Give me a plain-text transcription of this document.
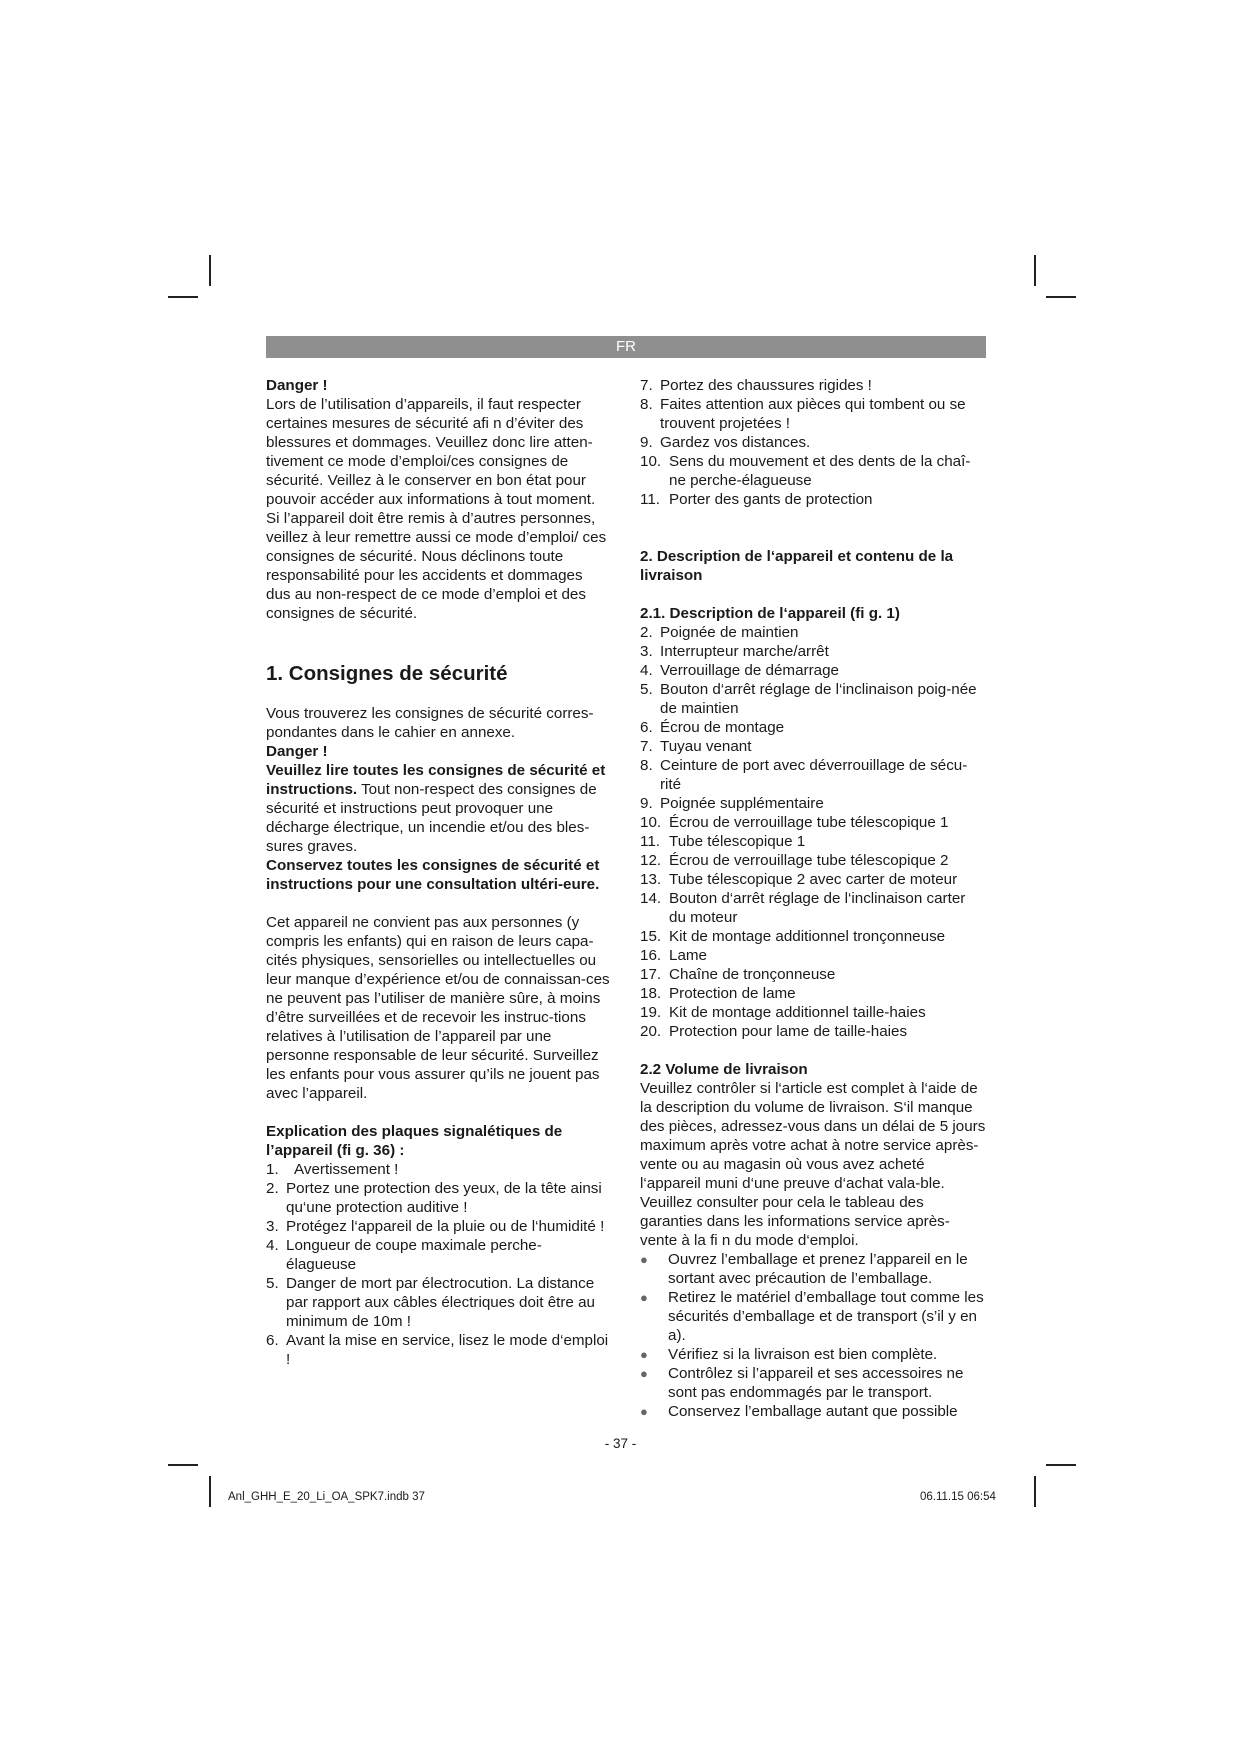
FR

Danger !

Lors de l’utilisation d’appareils, il faut respecter certaines mesures de sécurité afi n d’éviter des blessures et dommages. Veuillez donc lire atten-tivement ce mode d’emploi/ces consignes de sécurité. Veillez à le conserver en bon état pour pouvoir accéder aux informations à tout moment. Si l’appareil doit être remis à d’autres personnes, veillez à leur remettre aussi ce mode d’emploi/ ces consignes de sécurité. Nous déclinons toute responsabilité pour les accidents et dommages dus au non-respect de ce mode d’emploi et des consignes de sécurité.

1. Consignes de sécurité

Vous trouverez les consignes de sécurité corres-pondantes dans le cahier en annexe.

Danger !

Veuillez lire toutes les consignes de sécurité et instructions. Tout non-respect des consignes de sécurité et instructions peut provoquer une décharge électrique, un incendie et/ou des bles-sures graves.

Conservez toutes les consignes de sécurité et instructions pour une consultation ultéri-eure.

Cet appareil ne convient pas aux personnes (y compris les enfants) qui en raison de leurs capa-cités physiques, sensorielles ou intellectuelles ou leur manque d’expérience et/ou de connaissan-ces ne peuvent pas l’utiliser de manière sûre, à moins d’être surveillées et de recevoir les instruc-tions relatives à l’utilisation de l’appareil par une personne responsable de leur sécurité. Surveillez les enfants pour vous assurer qu’ils ne jouent pas avec l’appareil.

Explication des plaques signalétiques de l’appareil (fi g. 36) :

1.	Avertissement !
2. Portez une protection des yeux, de la tête ainsi qu‘une protection auditive !
3. Protégez l‘appareil de la pluie ou de l‘humidité !
4. Longueur de coupe maximale perche-élagueuse
5. Danger de mort par électrocution. La distance par rapport aux câbles électriques doit être au minimum de 10m !
6. Avant la mise en service, lisez le mode d‘emploi !
7. Portez des chaussures rigides !
8. Faites attention aux pièces qui tombent ou se trouvent projetées !
9. Gardez vos distances.
10. Sens du mouvement et des dents de la chaî-ne perche-élagueuse
11. Porter des gants de protection

2. Description de l‘appareil et contenu de la livraison

2.1. Description de l‘appareil (fi g. 1)

2. Poignée de maintien
3. Interrupteur marche/arrêt
4. Verrouillage de démarrage
5. Bouton d‘arrêt réglage de l‘inclinaison poig-née de maintien
6. Écrou de montage
7. Tuyau venant
8. Ceinture de port avec déverrouillage de sécu-rité
9. Poignée supplémentaire
10. Écrou de verrouillage tube télescopique 1
11. Tube télescopique 1
12. Écrou de verrouillage tube télescopique 2
13. Tube télescopique 2 avec carter de moteur
14. Bouton d‘arrêt réglage de l‘inclinaison carter du moteur
15. Kit de montage additionnel tronçonneuse
16. Lame
17. Chaîne de tronçonneuse
18. Protection de lame
19. Kit de montage additionnel taille-haies
20. Protection pour lame de taille-haies

2.2 Volume de livraison

Veuillez contrôler si l‘article est complet à l‘aide de la description du volume de livraison. S‘il manque des pièces, adressez-vous dans un délai de 5 jours maximum après votre achat à notre service après-vente ou au magasin où vous avez acheté l‘appareil muni d‘une preuve d‘achat vala-ble. Veuillez consulter pour cela le tableau des garanties dans les informations service après-vente à la fi n du mode d‘emploi.

● Ouvrez l’emballage et prenez l’appareil en le sortant avec précaution de l’emballage.
● Retirez le matériel d’emballage tout comme les sécurités d’emballage et de transport (s’il y en a).
● Vérifiez si la livraison est bien complète.
● Contrôlez si l’appareil et ses accessoires ne sont pas endommagés par le transport.
● Conservez l’emballage autant que possible
- 37 -
Anl_GHH_E_20_Li_OA_SPK7.indb 37	06.11.15 06:54
